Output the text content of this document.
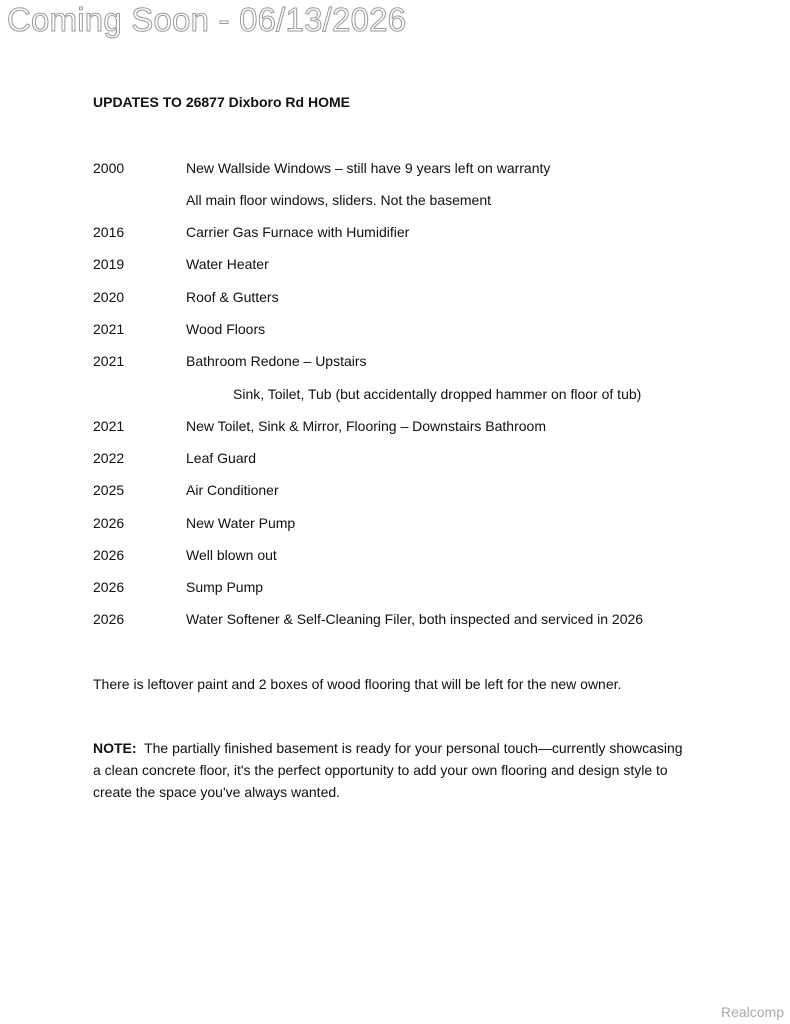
Coming Soon - 06/13/2026
UPDATES TO 26877 Dixboro Rd HOME
2000	New Wallside Windows – still have 9 years left on warranty
All main floor windows, sliders. Not the basement
2016	Carrier Gas Furnace with Humidifier
2019	Water Heater
2020	Roof & Gutters
2021	Wood Floors
2021	Bathroom Redone – Upstairs
Sink, Toilet, Tub (but accidentally dropped hammer on floor of tub)
2021	New Toilet, Sink & Mirror, Flooring – Downstairs Bathroom
2022	Leaf Guard
2025	Air Conditioner
2026	New Water Pump
2026	Well blown out
2026	Sump Pump
2026	Water Softener & Self-Cleaning Filer, both inspected and serviced in 2026
There is leftover paint and 2 boxes of wood flooring that will be left for the new owner.
NOTE: The partially finished basement is ready for your personal touch—currently showcasing a clean concrete floor, it's the perfect opportunity to add your own flooring and design style to create the space you've always wanted.
Realcomp
